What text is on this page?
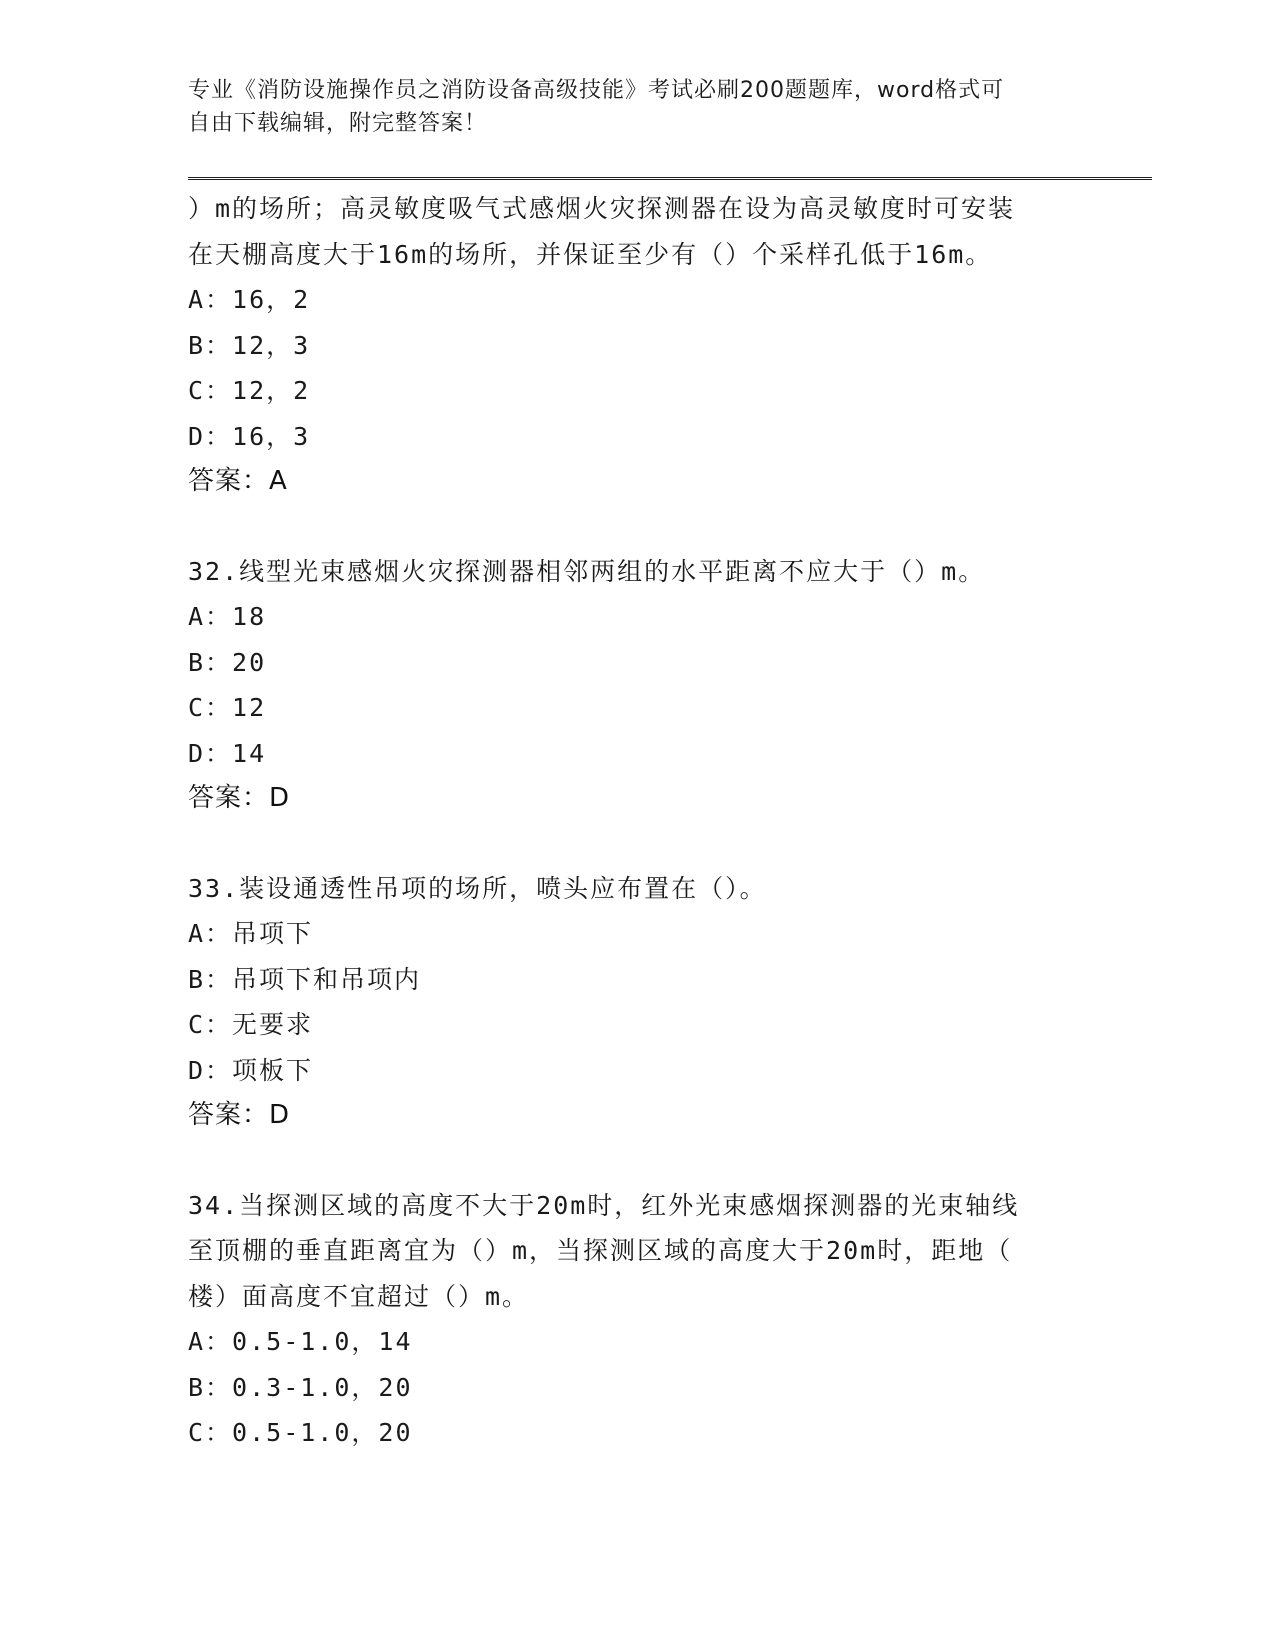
专业《消防设施操作员之消防设备高级技能》考试必刷200题题库，word格式可
自由下载编辑，附完整答案！
）m的场所；高灵敏度吸气式感烟火灾探测器在设为高灵敏度时可安装
在天棚高度大于16m的场所，并保证至少有（）个采样孔低于16m。
A：16，2
B：12，3
C：12，2
D：16，3
答案：A
32.线型光束感烟火灾探测器相邻两组的水平距离不应大于（）m。
A：18
B：20
C：12
D：14
答案：D
33.装设通透性吊项的场所，喷头应布置在（）。
A：吊项下
B：吊项下和吊项内
C：无要求
D：项板下
答案：D
34.当探测区域的高度不大于20m时，红外光束感烟探测器的光束轴线
至顶棚的垂直距离宜为（）m，当探测区域的高度大于20m时，距地（
楼）面高度不宜超过（）m。
A：0.5-1.0，14
B：0.3-1.0，20
C：0.5-1.0，20
